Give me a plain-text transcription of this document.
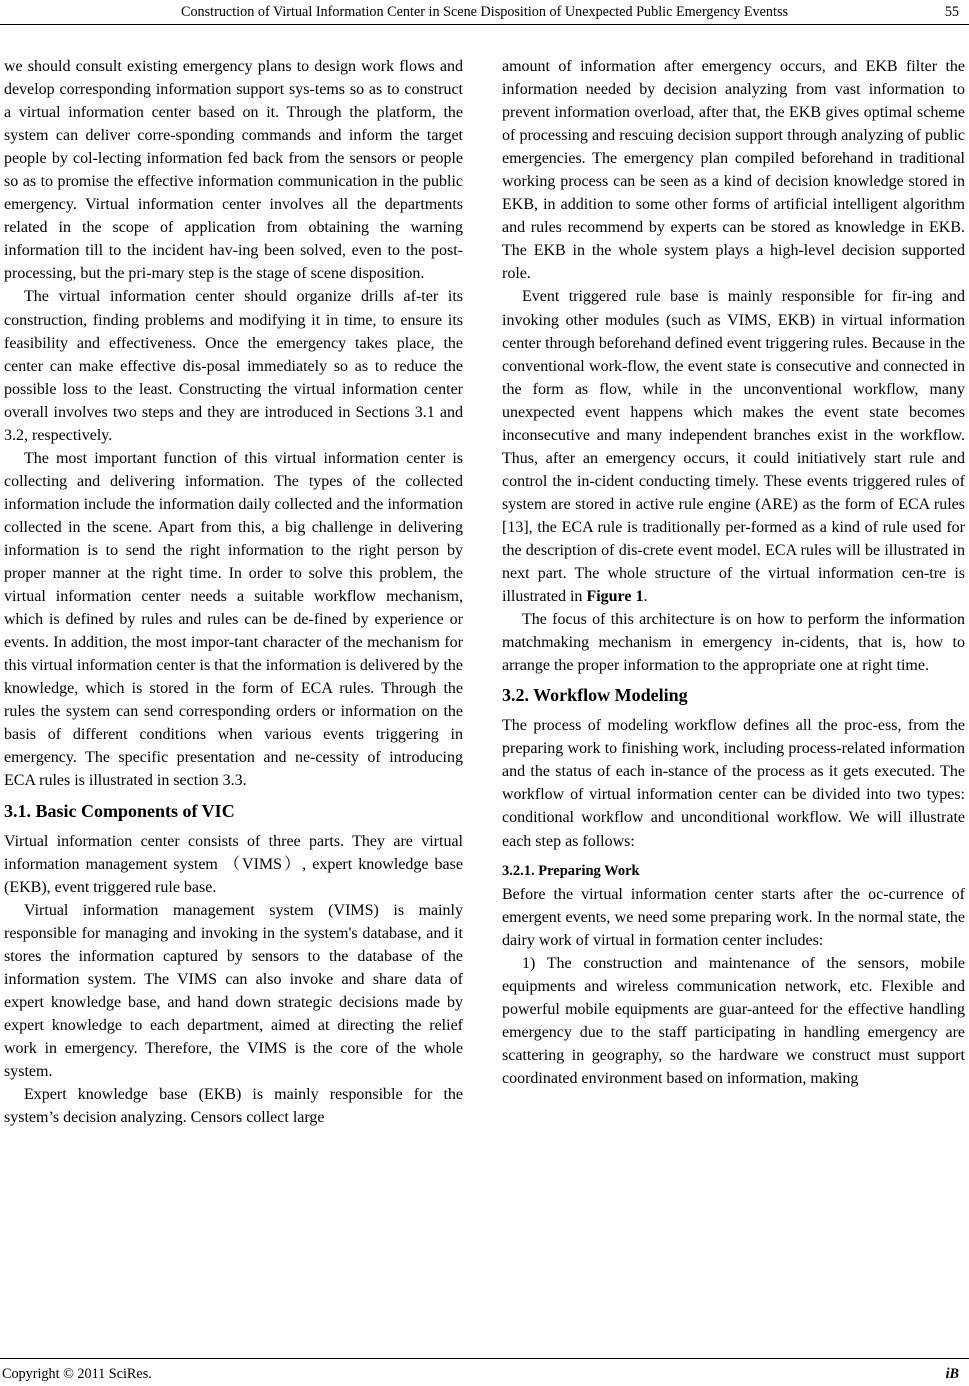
Construction of Virtual Information Center in Scene Disposition of Unexpected Public Emergency Eventss	55

we should consult existing emergency plans to design work flows and develop corresponding information support sys-tems so as to construct a virtual information center based on it. Through the platform, the system can deliver corre-sponding commands and inform the target people by col-lecting information fed back from the sensors or people so as to promise the effective information communication in the public emergency. Virtual information center involves all the departments related in the scope of application from obtaining the warning information till to the incident hav-ing been solved, even to the post-processing, but the pri-mary step is the stage of scene disposition.

The virtual information center should organize drills af-ter its construction, finding problems and modifying it in time, to ensure its feasibility and effectiveness. Once the emergency takes place, the center can make effective dis-posal immediately so as to reduce the possible loss to the least. Constructing the virtual information center overall involves two steps and they are introduced in Sections 3.1 and 3.2, respectively.

The most important function of this virtual information center is collecting and delivering information. The types of the collected information include the information daily collected and the information collected in the scene. Apart from this, a big challenge in delivering information is to send the right information to the right person by proper manner at the right time. In order to solve this problem, the virtual information center needs a suitable workflow mechanism, which is defined by rules and rules can be de-fined by experience or events. In addition, the most impor-tant character of the mechanism for this virtual information center is that the information is delivered by the knowledge, which is stored in the form of ECA rules. Through the rules the system can send corresponding orders or information on the basis of different conditions when various events triggering in emergency. The specific presentation and ne-cessity of introducing ECA rules is illustrated in section 3.3.

3.1. Basic Components of VIC

Virtual information center consists of three parts. They are virtual information management system （VIMS）, expert knowledge base (EKB), event triggered rule base.

Virtual information management system (VIMS) is mainly responsible for managing and invoking in the system's database, and it stores the information captured by sensors to the database of the information system. The VIMS can also invoke and share data of expert knowledge base, and hand down strategic decisions made by expert knowledge to each department, aimed at directing the relief work in emergency. Therefore, the VIMS is the core of the whole system.

Expert knowledge base (EKB) is mainly responsible for the system’s decision analyzing. Censors collect large

amount of information after emergency occurs, and EKB filter the information needed by decision analyzing from vast information to prevent information overload, after that, the EKB gives optimal scheme of processing and rescuing decision support through analyzing of public emergencies. The emergency plan compiled beforehand in traditional working process can be seen as a kind of decision knowledge stored in EKB, in addition to some other forms of artificial intelligent algorithm and rules recommend by experts can be stored as knowledge in EKB. The EKB in the whole system plays a high-level decision supported role.

Event triggered rule base is mainly responsible for fir-ing and invoking other modules (such as VIMS, EKB) in virtual information center through beforehand defined event triggering rules. Because in the conventional work-flow, the event state is consecutive and connected in the form as flow, while in the unconventional workflow, many unexpected event happens which makes the event state becomes inconsecutive and many independent branches exist in the workflow. Thus, after an emergency occurs, it could initiatively start rule and control the in-cident conducting timely. These events triggered rules of system are stored in active rule engine (ARE) as the form of ECA rules [13], the ECA rule is traditionally per-formed as a kind of rule used for the description of dis-crete event model. ECA rules will be illustrated in next part. The whole structure of the virtual information cen-tre is illustrated in Figure 1.

The focus of this architecture is on how to perform the information matchmaking mechanism in emergency in-cidents, that is, how to arrange the proper information to the appropriate one at right time.

3.2. Workflow Modeling

The process of modeling workflow defines all the proc-ess, from the preparing work to finishing work, including process-related information and the status of each in-stance of the process as it gets executed. The workflow of virtual information center can be divided into two types: conditional workflow and unconditional workflow. We will illustrate each step as follows:

3.2.1. Preparing Work

Before the virtual information center starts after the oc-currence of emergent events, we need some preparing work. In the normal state, the dairy work of virtual in formation center includes:

1) The construction and maintenance of the sensors, mobile equipments and wireless communication network, etc. Flexible and powerful mobile equipments are guar-anteed for the effective handling emergency due to the staff participating in handling emergency are scattering in geography, so the hardware we construct must support coordinated environment based on information, making

Copyright © 2011 SciRes.	iB
